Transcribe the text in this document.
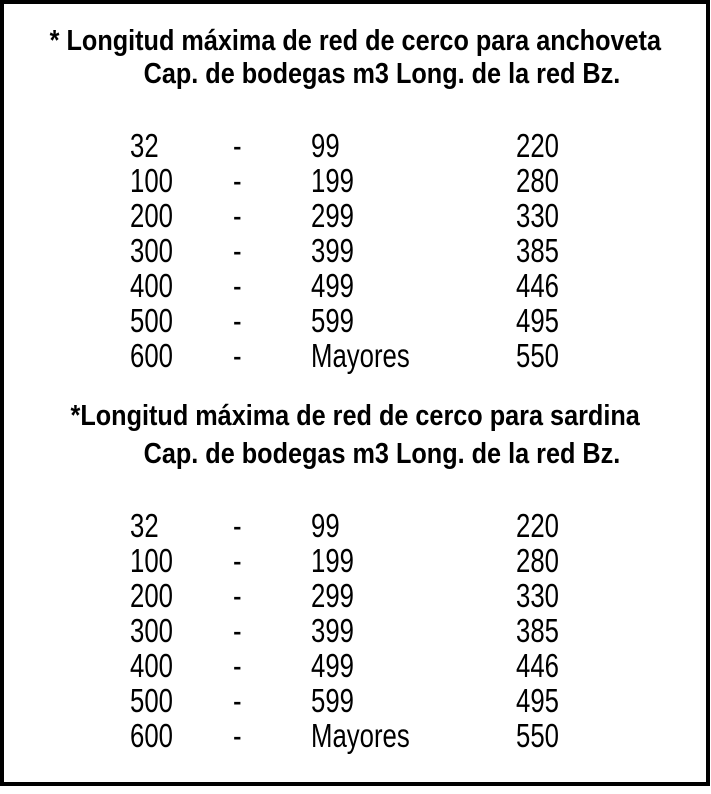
* Longitud máxima de red de cerco para anchoveta
Cap. de bodegas m3 Long. de la red Bz.
32 - 99	220
100 - 199	280
200 - 299	330
300 - 399	385
400 - 499	446
500 - 599	495
600 - Mayores	550
*Longitud máxima de red de cerco para sardina
Cap. de bodegas m3 Long. de la red Bz.
32 - 99	220
100 - 199	280
200 - 299	330
300 - 399	385
400 - 499	446
500 - 599	495
600 - Mayores	550
